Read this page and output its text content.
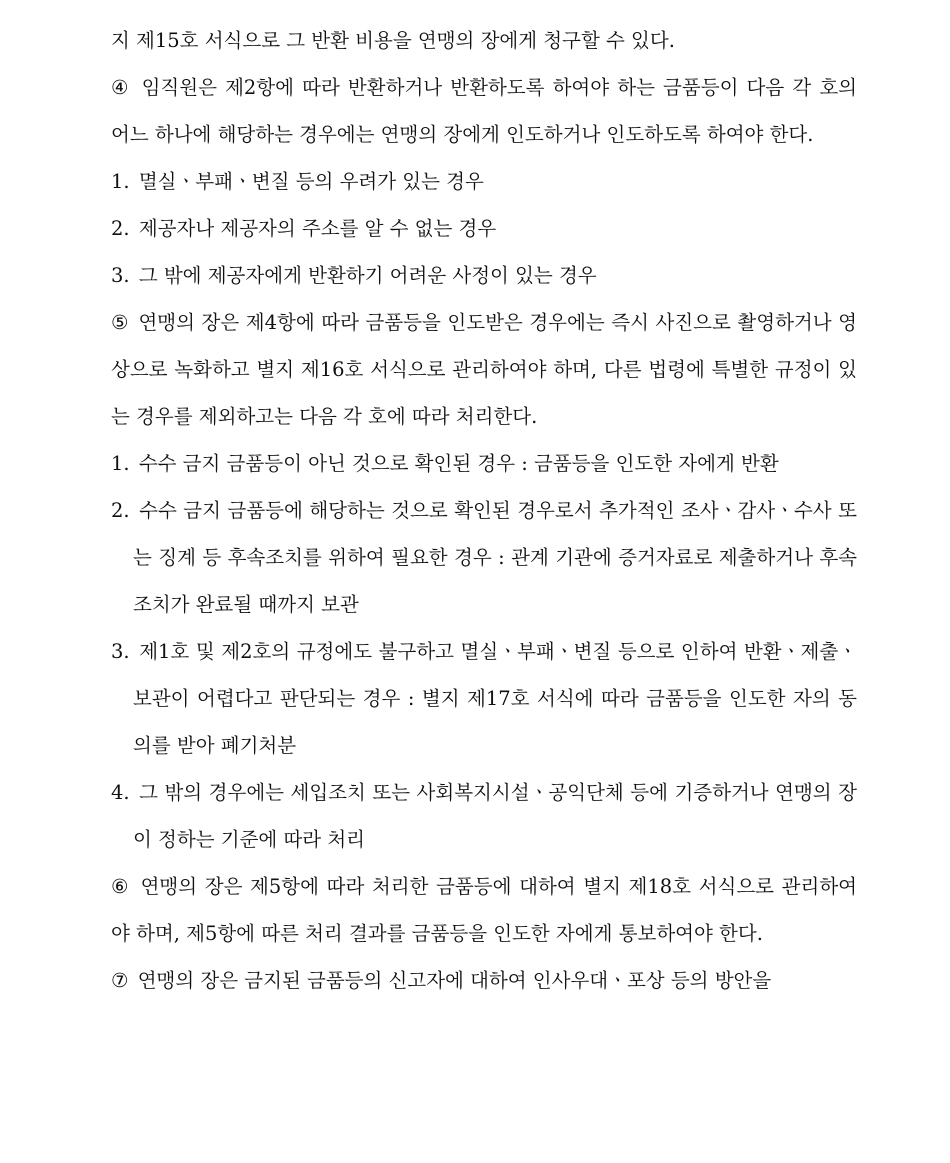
지 제15호 서식으로 그 반환 비용을 연맹의 장에게 청구할 수 있다.

④ 임직원은 제2항에 따라 반환하거나 반환하도록 하여야 하는 금품등이 다음 각 호의 어느 하나에 해당하는 경우에는 연맹의 장에게 인도하거나 인도하도록 하여야 한다.

1. 멸실ㆍ부패ㆍ변질 등의 우려가 있는 경우

2. 제공자나 제공자의 주소를 알 수 없는 경우

3. 그 밖에 제공자에게 반환하기 어려운 사정이 있는 경우

⑤ 연맹의 장은 제4항에 따라 금품등을 인도받은 경우에는 즉시 사진으로 촬영하거나 영상으로 녹화하고 별지 제16호 서식으로 관리하여야 하며, 다른 법령에 특별한 규정이 있는 경우를 제외하고는 다음 각 호에 따라 처리한다.

1. 수수 금지 금품등이 아닌 것으로 확인된 경우 : 금품등을 인도한 자에게 반환

2. 수수 금지 금품등에 해당하는 것으로 확인된 경우로서 추가적인 조사ㆍ감사ㆍ수사 또는 징계 등 후속조치를 위하여 필요한 경우 : 관계 기관에 증거자료로 제출하거나 후속조치가 완료될 때까지 보관

3. 제1호 및 제2호의 규정에도 불구하고 멸실ㆍ부패ㆍ변질 등으로 인하여 반환ㆍ제출ㆍ보관이 어렵다고 판단되는 경우 : 별지 제17호 서식에 따라 금품등을 인도한 자의 동의를 받아 폐기처분

4. 그 밖의 경우에는 세입조치 또는 사회복지시설ㆍ공익단체 등에 기증하거나 연맹의 장이 정하는 기준에 따라 처리

⑥ 연맹의 장은 제5항에 따라 처리한 금품등에 대하여 별지 제18호 서식으로 관리하여야 하며, 제5항에 따른 처리 결과를 금품등을 인도한 자에게 통보하여야 한다.

⑦ 연맹의 장은 금지된 금품등의 신고자에 대하여 인사우대ㆍ포상 등의 방안을
